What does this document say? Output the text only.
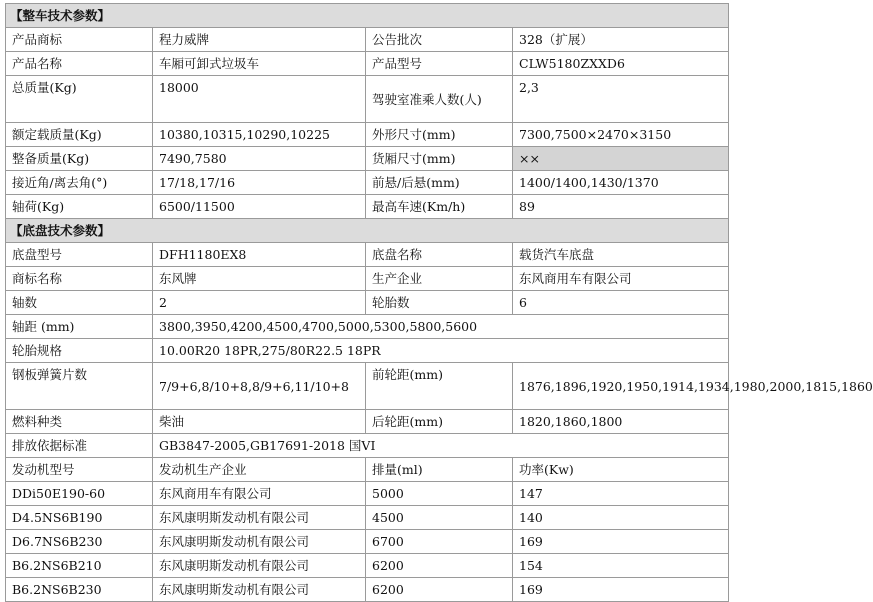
【整车技术参数】			
产品商标	程力威牌	公告批次	328（扩展）
产品名称	车厢可卸式垃圾车	产品型号	CLW5180ZXXD6
总质量(Kg)	18000	驾驶室准乘人数(人)	2,3
额定载质量(Kg)	10380,10315,10290,10225	外形尺寸(mm)	7300,7500×2470×3150
整备质量(Kg)	7490,7580	货厢尺寸(mm)	××
接近角/离去角(°)	17/18,17/16	前悬/后悬(mm)	1400/1400,1430/1370
轴荷(Kg)	6500/11500	最高车速(Km/h)	89
【底盘技术参数】			
底盘型号	DFH1180EX8	底盘名称	载货汽车底盘
商标名称	东风牌	生产企业	东风商用车有限公司
轴数	2	轮胎数	6
轴距 (mm)	3800,3950,4200,4500,4700,5000,5300,5800,5600		
轮胎规格	10.00R20 18PR,275/80R22.5 18PR		
钢板弹簧片数	7/9+6,8/10+8,8/9+6,11/10+8	前轮距(mm)	1876,1896,1920,1950,1914,1934,1980,2000,1815,1860
燃料种类	柴油	后轮距(mm)	1820,1860,1800
排放依据标准	GB3847-2005,GB17691-2018 国VI		
发动机型号	发动机生产企业	排量(ml)	功率(Kw)
DDi50E190-60	东风商用车有限公司	5000	147
D4.5NS6B190	东风康明斯发动机有限公司	4500	140
D6.7NS6B230	东风康明斯发动机有限公司	6700	169
B6.2NS6B210	东风康明斯发动机有限公司	6200	154
B6.2NS6B230	东风康明斯发动机有限公司	6200	169
